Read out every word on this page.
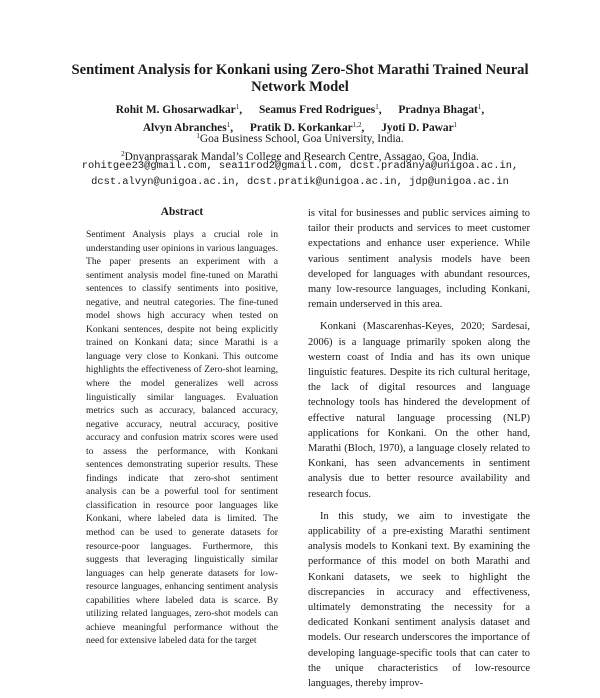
Sentiment Analysis for Konkani using Zero-Shot Marathi Trained Neural
Network Model
Rohit M. Ghosarwadkar$^1$, Seamus Fred Rodrigues$^1$, Pradnya Bhagat$^1$,
Alvyn Abranches$^1$, Pratik D. Korkankar$^{1,2}$, Jyoti D. Pawar$^1$
$^1$Goa Business School, Goa University, India.
$^2$Dnyanprassarak Mandal’s College and Research Centre, Assagao, Goa, India.
rohitgee23@gmail.com, sea11rod2@gmail.com, dcst.pradanya@unigoa.ac.in,
dcst.alvyn@unigoa.ac.in, dcst.pratik@unigoa.ac.in, jdp@unigoa.ac.in
Abstract

Sentiment Analysis plays a crucial role in understanding user opinions in various languages. The paper presents an experiment with a sentiment analysis model fine-tuned on Marathi sentences to classify sentiments into positive, negative, and neutral categories. The fine-tuned model shows high accuracy when tested on Konkani sentences, despite not being explicitly trained on Konkani data; since Marathi is a language very close to Konkani. This outcome highlights the effectiveness of Zero-shot learning, where the model generalizes well across linguistically similar languages. Evaluation metrics such as accuracy, balanced accuracy, negative accuracy, neutral accuracy, positive accuracy and confusion matrix scores were used to assess the performance, with Konkani sentences demonstrating superior results. These findings indicate that zero-shot sentiment analysis can be a powerful tool for sentiment classification in resource poor languages like Konkani, where labeled data is limited. The method can be used to generate datasets for resource-poor languages. Furthermore, this suggests that leveraging linguistically similar languages can help generate datasets for low-resource languages, enhancing sentiment analysis capabilities where labeled data is scarce. By utilizing related languages, zero-shot models can achieve meaningful performance without the need for extensive labeled data for the target

is vital for businesses and public services aiming to tailor their products and services to meet customer expectations and enhance user experience. While various sentiment analysis models have been developed for languages with abundant resources, many low-resource languages, including Konkani, remain underserved in this area.

Konkani (Mascarenhas-Keyes, 2020; Sardesai, 2006) is a language primarily spoken along the western coast of India and has its own unique linguistic features. Despite its rich cultural heritage, the lack of digital resources and language technology tools has hindered the development of effective natural language processing (NLP) applications for Konkani. On the other hand, Marathi (Bloch, 1970), a language closely related to Konkani, has seen advancements in sentiment analysis due to better resource availability and research focus.

In this study, we aim to investigate the applicability of a pre-existing Marathi sentiment analysis models to Konkani text. By examining the performance of this model on both Marathi and Konkani datasets, we seek to highlight the discrepancies in accuracy and effectiveness, ultimately demonstrating the necessity for a dedicated Konkani sentiment analysis dataset and models. Our research underscores the importance of developing language-specific tools that can cater to the unique characteristics of low-resource languages, thereby improv-
